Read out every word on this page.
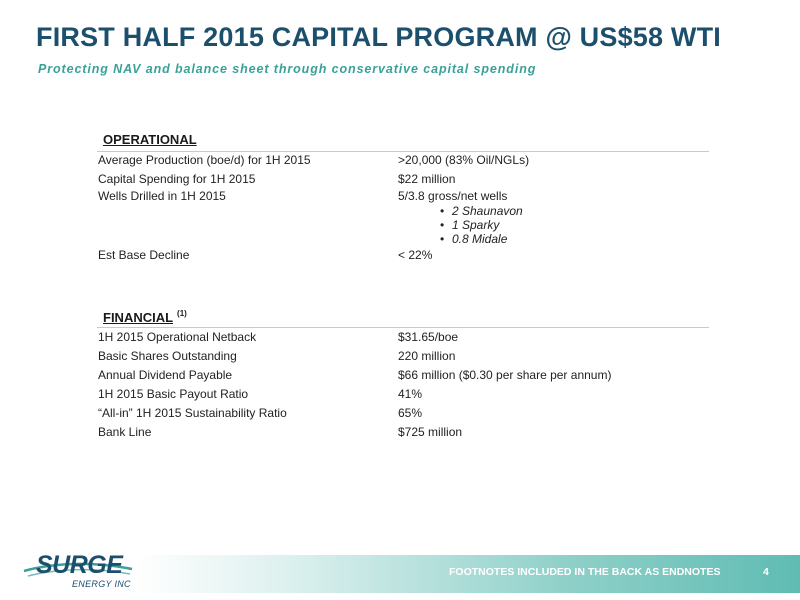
FIRST HALF 2015 CAPITAL PROGRAM @ US$58 WTI
Protecting NAV and balance sheet through conservative capital spending
OPERATIONAL
Average Production (boe/d) for 1H 2015	>20,000 (83% Oil/NGLs)
Capital Spending for 1H 2015	$22 million
Wells Drilled in 1H 2015	5/3.8 gross/net wells
• 2 Shaunavon
• 1 Sparky
• 0.8 Midale
Est Base Decline	< 22%
FINANCIAL $^{(1)}$
1H 2015 Operational Netback	$31.65/boe
Basic Shares Outstanding	220 million
Annual Dividend Payable	$66 million ($0.30 per share per annum)
1H 2015 Basic Payout Ratio	41%
“All-in” 1H 2015 Sustainability Ratio	65%
Bank Line	$725 million
SURGE
ENERGY INC
FOOTNOTES INCLUDED IN THE BACK AS ENDNOTES	4
